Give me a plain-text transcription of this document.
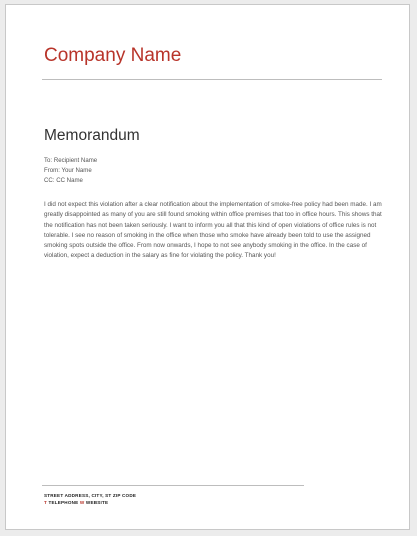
Company Name
Memorandum
To: Recipient Name
From: Your Name
CC: CC Name
I did not expect this violation after a clear notification about the implementation of smoke-free policy had been made. I am greatly disappointed as many of you are still found smoking within office premises that too in office hours. This shows that the notification has not been taken seriously. I want to inform you all that this kind of open violations of office rules is not tolerable. I see no reason of smoking in the office when those who smoke have already been told to use the assigned smoking spots outside the office. From now onwards, I hope to not see anybody smoking in the office. In the case of violation, expect a deduction in the salary as fine for violating the policy. Thank you!
STREET ADDRESS, CITY, ST ZIP CODE
T TELEPHONE W WEBSITE
